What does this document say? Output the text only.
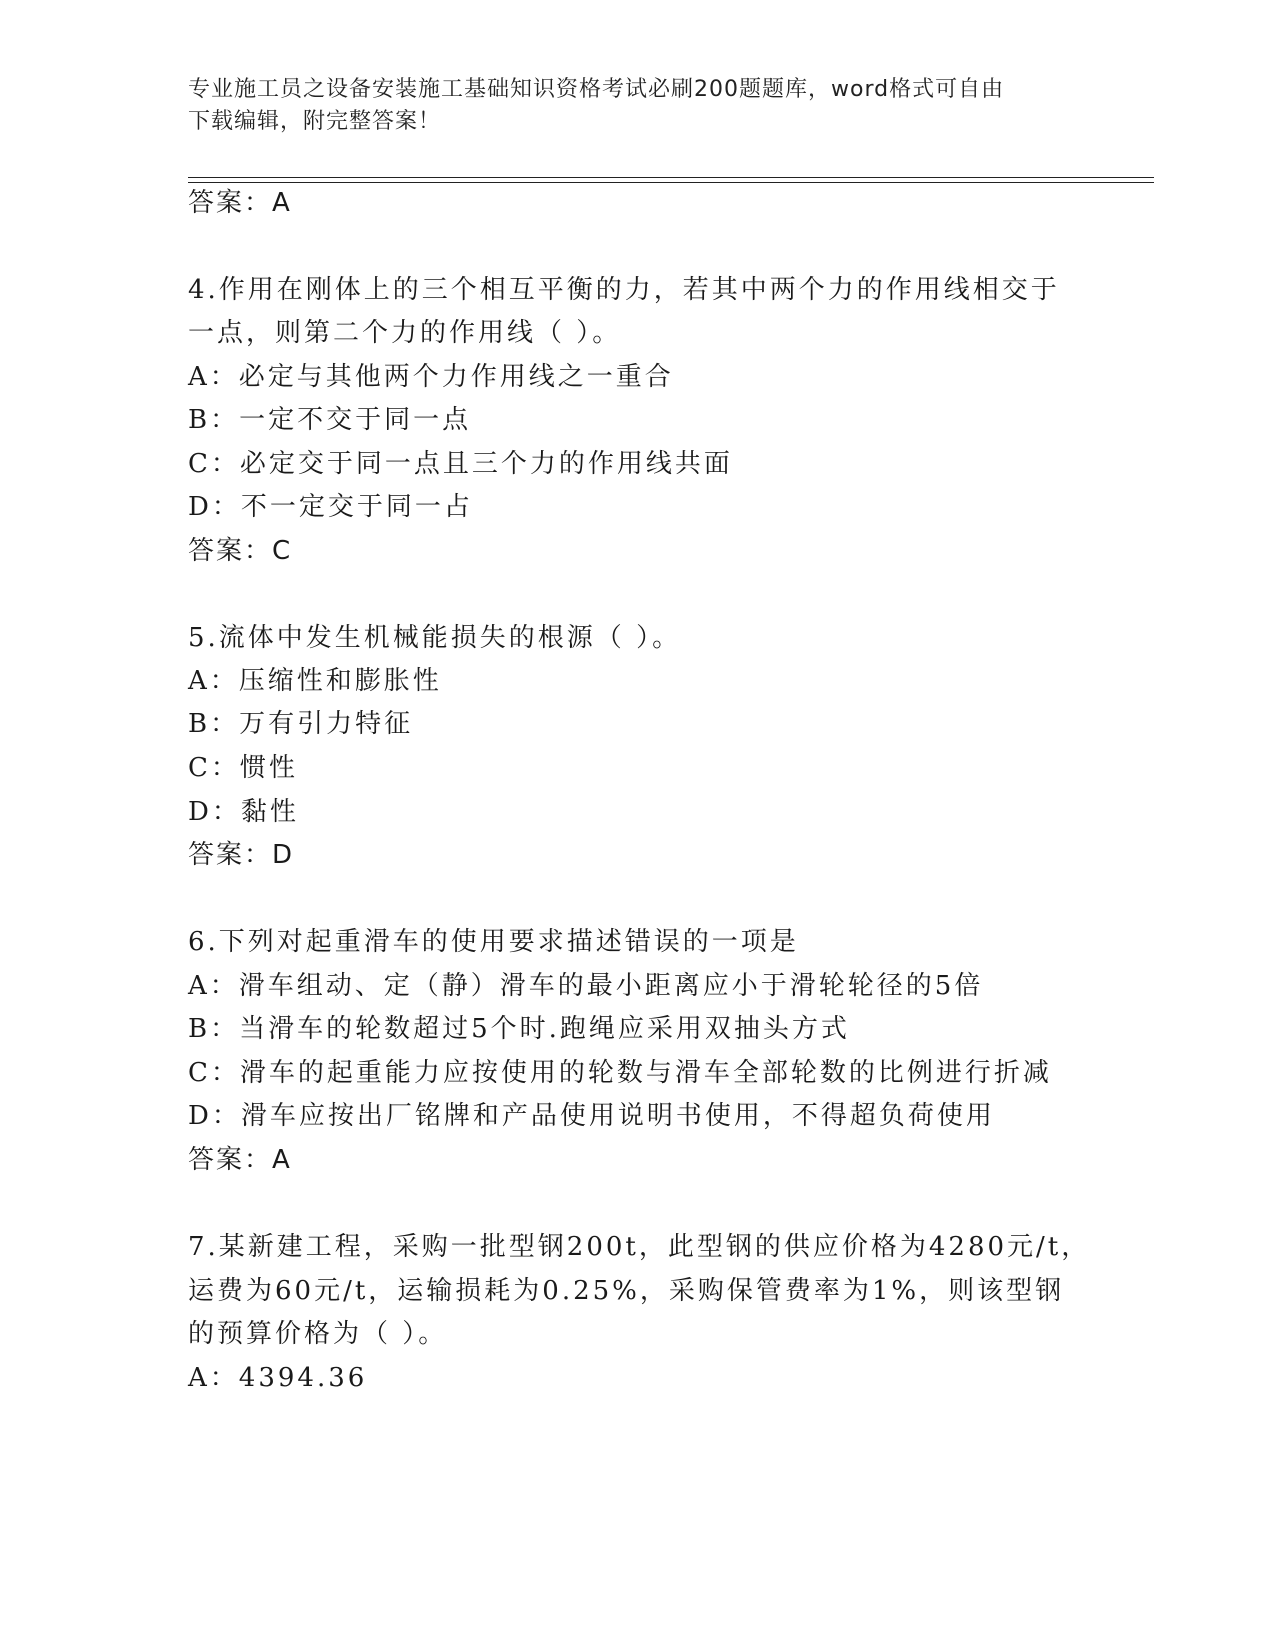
专业施工员之设备安装施工基础知识资格考试必刷200题题库，word格式可自由
下载编辑，附完整答案！
答案：A
4.作用在刚体上的三个相互平衡的力，若其中两个力的作用线相交于
一点，则第二个力的作用线（ ）。
A：必定与其他两个力作用线之一重合
B：一定不交于同一点
C：必定交于同一点且三个力的作用线共面
D：不一定交于同一占
答案：C
5.流体中发生机械能损失的根源（ ）。
A：压缩性和膨胀性
B：万有引力特征
C：惯性
D：黏性
答案：D
6.下列对起重滑车的使用要求描述错误的一项是
A：滑车组动、定（静）滑车的最小距离应小于滑轮轮径的5倍
B：当滑车的轮数超过5个时.跑绳应采用双抽头方式
C：滑车的起重能力应按使用的轮数与滑车全部轮数的比例进行折减
D：滑车应按出厂铭牌和产品使用说明书使用，不得超负荷使用
答案：A
7.某新建工程，采购一批型钢200t，此型钢的供应价格为4280元/t，
运费为60元/t，运输损耗为0.25%，采购保管费率为1%，则该型钢
的预算价格为（ ）。
A：4394.36
